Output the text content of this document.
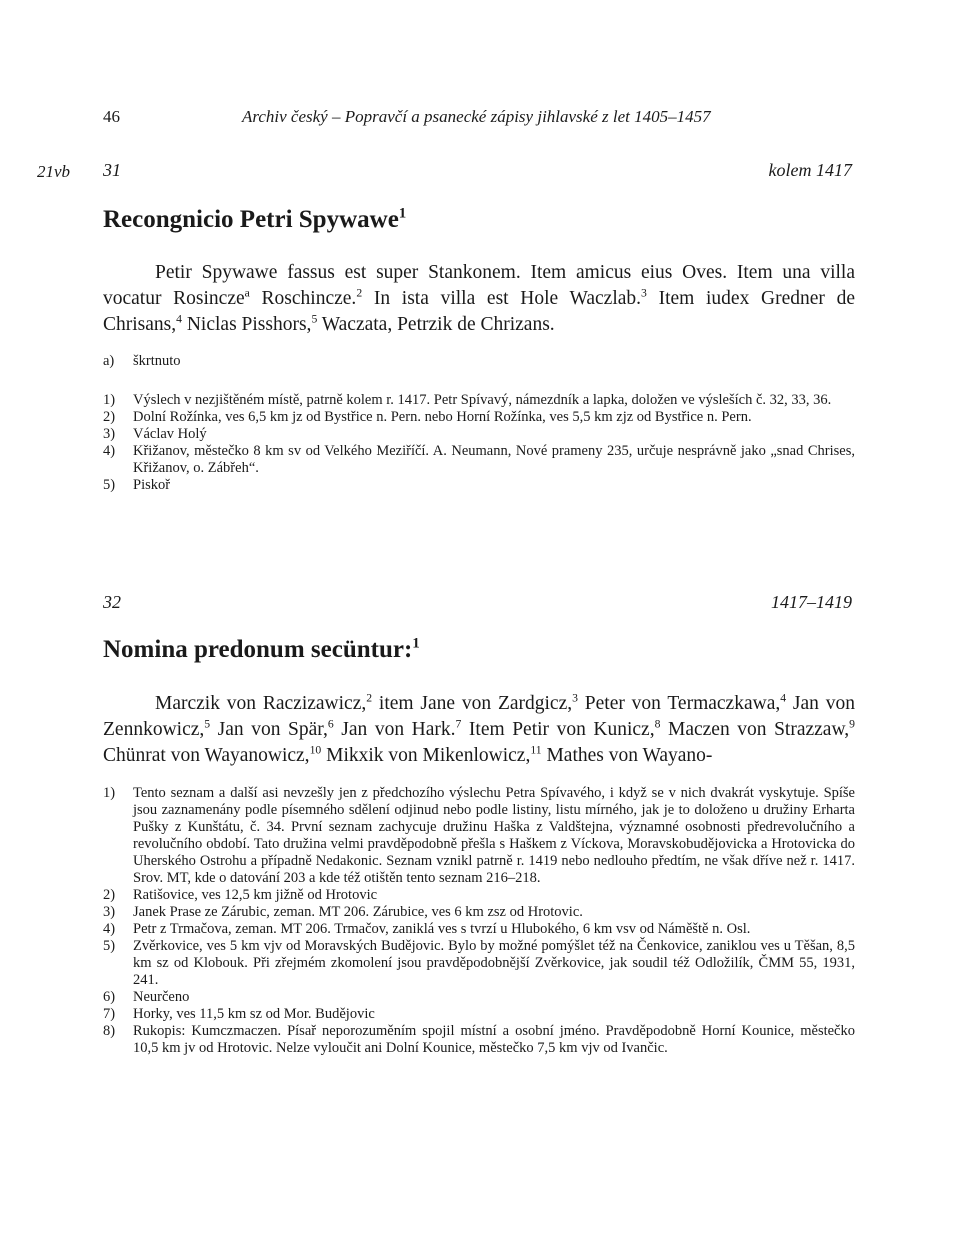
46	Archiv český – Popravčí a psanecké zápisy jihlavské z let 1405–1457
21vb 31	kolem 1417
Recongnicio Petri Spywawe$^1$

Petir Spywawe fassus est super Stankonem. Item amicus eius Oves. Item una villa vocatur Rosincze$^a$ Roschincze.$^2$ In ista villa est Hole Waczlab.$^3$ Item iudex Gredner de Chrisans,$^4$ Niclas Pisshors,$^5$ Waczata, Petrzik de Chrizans.

a)	škrtnuto
1)	Výslech v nezjištěném místě, patrně kolem r. 1417. Petr Spívavý, námezdník a lapka, doložen ve výsleších č. 32, 33, 36.
2)	Dolní Rožínka, ves 6,5 km jz od Bystřice n. Pern. nebo Horní Rožínka, ves 5,5 km zjz od Bystřice n. Pern.
3)	Václav Holý
4)	Křižanov, městečko 8 km sv od Velkého Meziříčí. A. Neumann, Nové prameny 235, určuje nesprávně jako „snad Chrises, Křižanov, o. Zábřeh“.
5)	Piskoř
32	1417–1419
Nomina predonum secüntur:$^1$

Marczik von Raczizawicz,$^2$ item Jane von Zardgicz,$^3$ Peter von Termaczkawa,$^4$ Jan von Zennkowicz,$^5$ Jan von Spär,$^6$ Jan von Hark.$^7$ Item Petir von Kunicz,$^8$ Maczen von Strazzaw,$^9$ Chünrat von Wayanowicz,$^{10}$ Mikxik von Mikenlowicz,$^{11}$ Mathes von Wayano-

1)	Tento seznam a další asi nevzešly jen z předchozího výslechu Petra Spívavého, i když se v nich dvakrát vyskytuje. Spíše jsou zaznamenány podle písemného sdělení odjinud nebo podle listiny, listu mírného, jak je to doloženo u družiny Erharta Pušky z Kunštátu, č. 34. První seznam zachycuje družinu Haška z Valdštejna, významné osobnosti předrevolučního a revolučního období. Tato družina velmi pravděpodobně přešla s Haškem z Víckova, Moravskobudějovicka a Hrotovicka do Uherského Ostrohu a případně Nedakonic. Seznam vznikl patrně r. 1419 nebo nedlouho předtím, ne však dříve než r. 1417. Srov. MT, kde o datování 203 a kde též otištěn tento seznam 216–218.
2)	Ratišovice, ves 12,5 km jižně od Hrotovic
3)	Janek Prase ze Zárubic, zeman. MT 206. Zárubice, ves 6 km zsz od Hrotovic.
4)	Petr z Trmačova, zeman. MT 206. Trmačov, zaniklá ves s tvrzí u Hlubokého, 6 km vsv od Náměště n. Osl.
5)	Zvěrkovice, ves 5 km vjv od Moravských Budějovic. Bylo by možné pomýšlet též na Čenkovice, zaniklou ves u Těšan, 8,5 km sz od Klobouk. Při zřejmém zkomolení jsou pravděpodobnější Zvěrkovice, jak soudil též Odložilík, ČMM 55, 1931, 241.
6)	Neurčeno
7)	Horky, ves 11,5 km sz od Mor. Budějovic
8)	Rukopis: Kumczmaczen. Písař neporozuměním spojil místní a osobní jméno. Pravděpodobně Horní Kounice, městečko 10,5 km jv od Hrotovic. Nelze vyloučit ani Dolní Kounice, městečko 7,5 km vjv od Ivančic.
